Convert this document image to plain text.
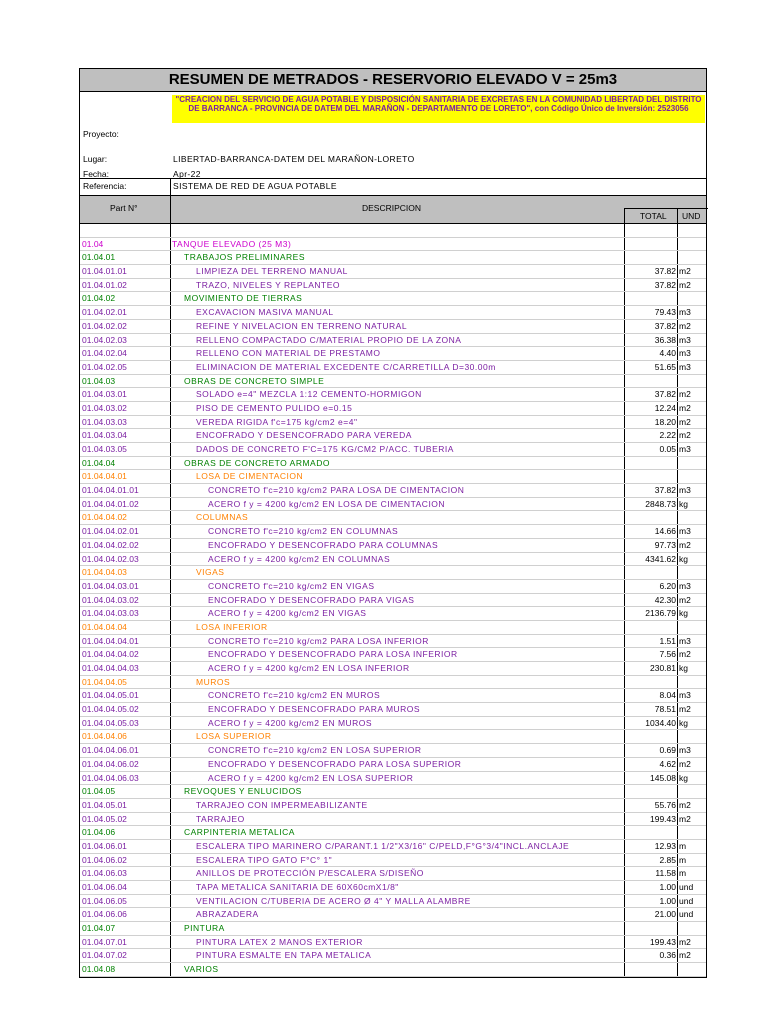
RESUMEN DE METRADOS - RESERVORIO ELEVADO V = 25m3
Proyecto:
"CREACION DEL SERVICIO DE AGUA POTABLE Y DISPOSICIÓN SANITARIA DE EXCRETAS EN LA COMUNIDAD LIBERTAD DEL DISTRITO DE BARRANCA - PROVINCIA DE DATEM DEL MARAÑON - DEPARTAMENTO DE LORETO", con Código Único de Inversión: 2523056
Lugar:	LIBERTAD-BARRANCA-DATEM DEL MARAÑON-LORETO
Fecha:	Apr-22
Referencia:	SISTEMA DE RED DE AGUA POTABLE
Part N°	DESCRIPCION
TOTAL UND
01.04	TANQUE ELEVADO (25 M3)
01.04.01	TRABAJOS PRELIMINARES
01.04.01.01	LIMPIEZA DEL TERRENO MANUAL	37.82 m2
01.04.01.02	TRAZO, NIVELES Y REPLANTEO	37.82 m2
01.04.02	MOVIMIENTO DE TIERRAS
01.04.02.01	EXCAVACION MASIVA MANUAL	79.43 m3
01.04.02.02	REFINE Y NIVELACION EN TERRENO NATURAL	37.82 m2
01.04.02.03	RELLENO COMPACTADO C/MATERIAL PROPIO DE LA ZONA	36.38 m3
01.04.02.04	RELLENO CON MATERIAL DE PRESTAMO	4.40 m3
01.04.02.05	ELIMINACION DE MATERIAL EXCEDENTE C/CARRETILLA D=30.00m	51.65 m3
01.04.03	OBRAS DE CONCRETO SIMPLE
01.04.03.01	SOLADO e=4" MEZCLA 1:12 CEMENTO-HORMIGON	37.82 m2
01.04.03.02	PISO DE CEMENTO PULIDO e=0.15	12.24 m2
01.04.03.03	VEREDA RIGIDA f'c=175 kg/cm2 e=4"	18.20 m2
01.04.03.04	ENCOFRADO Y DESENCOFRADO PARA VEREDA	2.22 m2
01.04.03.05	DADOS DE CONCRETO F'C=175 KG/CM2 P/ACC. TUBERIA	0.05 m3
01.04.04	OBRAS DE CONCRETO ARMADO
01.04.04.01	LOSA DE CIMENTACION
01.04.04.01.01	CONCRETO f'c=210 kg/cm2 PARA LOSA DE CIMENTACION	37.82 m3
01.04.04.01.02	ACERO f y = 4200 kg/cm2 EN LOSA DE CIMENTACION	2848.73 kg
01.04.04.02	COLUMNAS
01.04.04.02.01	CONCRETO f'c=210 kg/cm2 EN COLUMNAS	14.66 m3
01.04.04.02.02	ENCOFRADO Y DESENCOFRADO PARA COLUMNAS	97.73 m2
01.04.04.02.03	ACERO f y = 4200 kg/cm2 EN COLUMNAS	4341.62 kg
01.04.04.03	VIGAS
01.04.04.03.01	CONCRETO f'c=210 kg/cm2 EN VIGAS	6.20 m3
01.04.04.03.02	ENCOFRADO Y DESENCOFRADO PARA VIGAS	42.30 m2
01.04.04.03.03	ACERO f y = 4200 kg/cm2 EN VIGAS	2136.79 kg
01.04.04.04	LOSA INFERIOR
01.04.04.04.01	CONCRETO f'c=210 kg/cm2 PARA LOSA INFERIOR	1.51 m3
01.04.04.04.02	ENCOFRADO Y DESENCOFRADO PARA LOSA INFERIOR	7.56 m2
01.04.04.04.03	ACERO f y = 4200 kg/cm2 EN LOSA INFERIOR	230.81 kg
01.04.04.05	MUROS
01.04.04.05.01	CONCRETO f'c=210 kg/cm2 EN MUROS	8.04 m3
01.04.04.05.02	ENCOFRADO Y DESENCOFRADO PARA MUROS	78.51 m2
01.04.04.05.03	ACERO f y = 4200 kg/cm2 EN MUROS	1034.40 kg
01.04.04.06	LOSA SUPERIOR
01.04.04.06.01	CONCRETO f'c=210 kg/cm2 EN LOSA SUPERIOR	0.69 m3
01.04.04.06.02	ENCOFRADO Y DESENCOFRADO PARA LOSA SUPERIOR	4.62 m2
01.04.04.06.03	ACERO f y = 4200 kg/cm2 EN LOSA SUPERIOR	145.08 kg
01.04.05	REVOQUES Y ENLUCIDOS
01.04.05.01	TARRAJEO CON IMPERMEABILIZANTE	55.76 m2
01.04.05.02	TARRAJEO	199.43 m2
01.04.06	CARPINTERIA METALICA
01.04.06.01	ESCALERA TIPO MARINERO C/PARANT.1 1/2"X3/16" C/PELD,F°G°3/4"INCL.ANCLAJE	12.93 m
01.04.06.02	ESCALERA TIPO GATO F°C° 1"	2.85 m
01.04.06.03	ANILLOS DE PROTECCIÓN P/ESCALERA S/DISEÑO	11.58 m
01.04.06.04	TAPA METALICA SANITARIA DE 60X60cmX1/8"	1.00 und
01.04.06.05	VENTILACION C/TUBERIA DE ACERO Ø 4" Y MALLA ALAMBRE	1.00 und
01.04.06.06	ABRAZADERA	21.00 und
01.04.07	PINTURA
01.04.07.01	PINTURA LATEX 2 MANOS EXTERIOR	199.43 m2
01.04.07.02	PINTURA ESMALTE EN TAPA METALICA	0.36 m2
01.04.08	VARIOS
